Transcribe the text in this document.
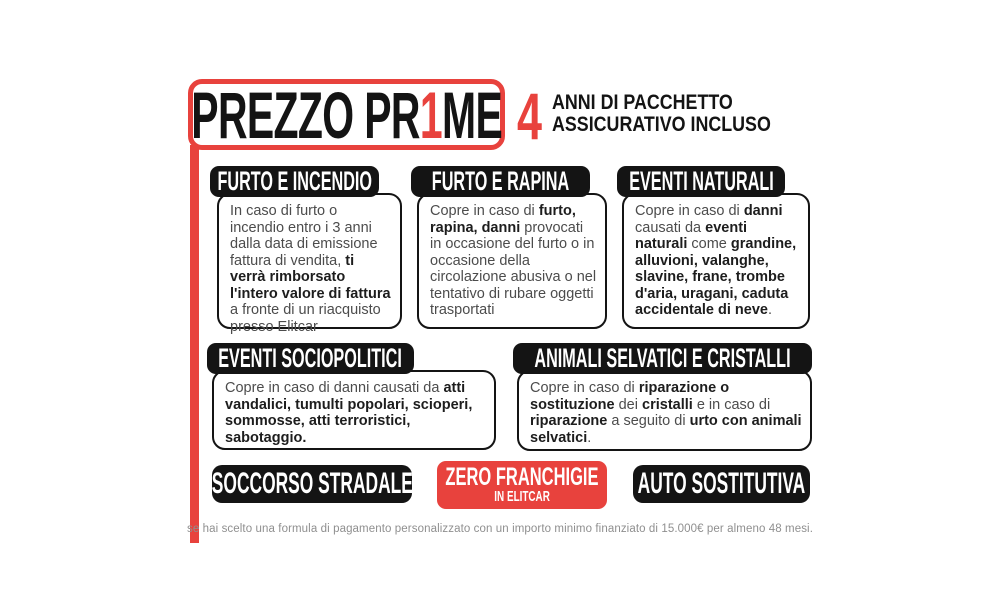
PREZZO PR1ME 4 ANNI DI PACCHETTO
ASSICURATIVO INCLUSO
In caso di furto o incendio entro i 3 anni dalla data di emissione fattura di vendita, ti verrà rimborsato l'intero valore di fattura a fronte di un riacquisto presso Elitcar
FURTO E INCENDIO
Copre in caso di furto, rapina, danni provocati in occasione del furto o in occasione della circolazione abusiva o nel tentativo di rubare oggetti trasportati
FURTO E RAPINA
Copre in caso di danni causati da eventi naturali come grandine, alluvioni, valanghe, slavine, frane, trombe d'aria, uragani, caduta accidentale di neve.
EVENTI NATURALI
Copre in caso di danni causati da atti vandalici, tumulti popolari, scioperi, sommosse, atti terroristici, sabotaggio.
EVENTI SOCIOPOLITICI
Copre in caso di riparazione o sostituzione dei cristalli e in caso di riparazione a seguito di urto con animali selvatici.
ANIMALI SELVATICI E CRISTALLI
SOCCORSO STRADALE ZERO FRANCHIGIE
IN ELITCAR	AUTO SOSTITUTIVA
se hai scelto una formula di pagamento personalizzato con un importo minimo finanziato di 15.000€ per almeno 48 mesi.
